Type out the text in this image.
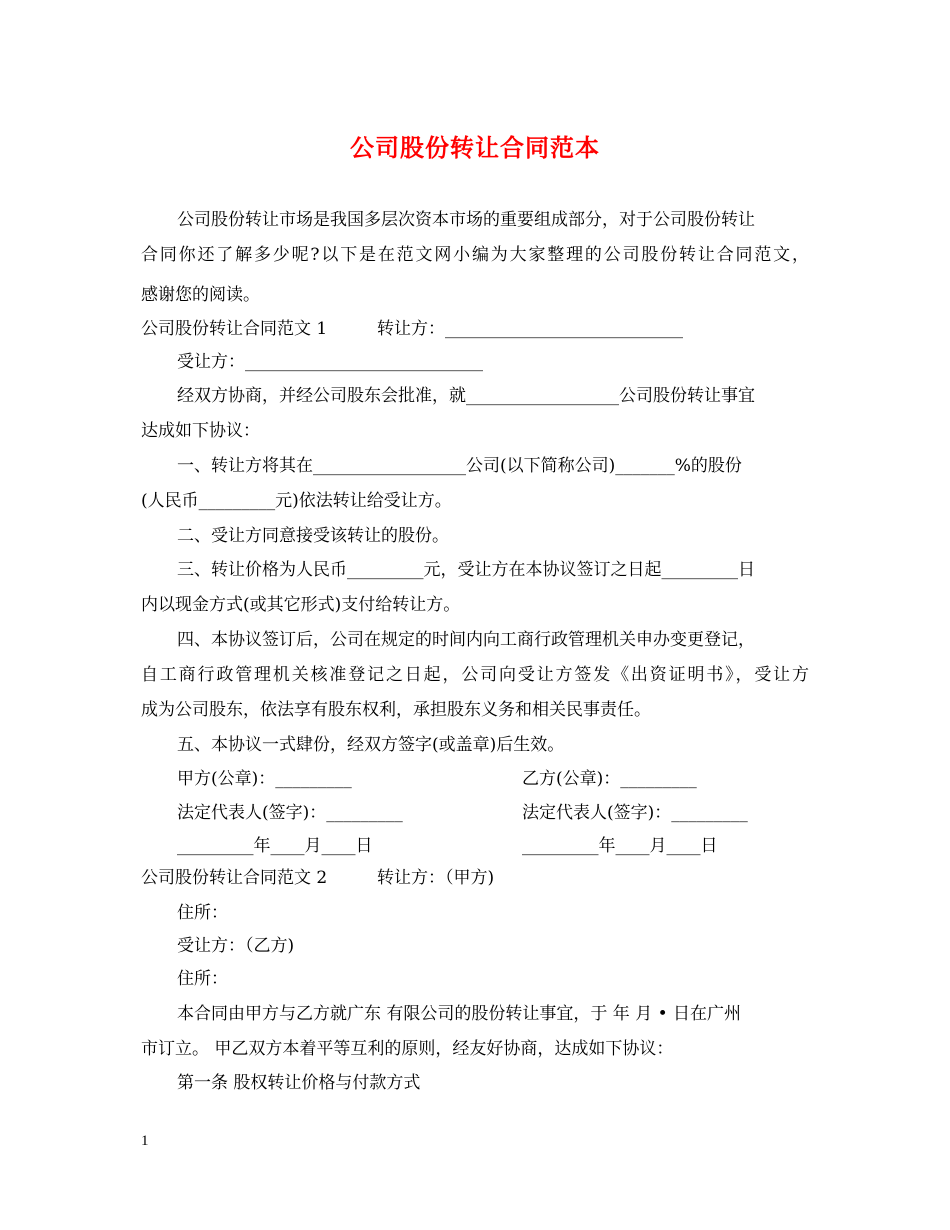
公司股份转让合同范本

公司股份转让市场是我国多层次资本市场的重要组成部分，对于公司股份转让

合同你还了解多少呢?以下是在范文网小编为大家整理的公司股份转让合同范文，

感谢您的阅读。

公司股份转让合同范文 1	转让方：____________________________

受让方：____________________________

经双方协商，并经公司股东会批准，就__________________公司股份转让事宜

达成如下协议：

一、转让方将其在__________________公司(以下简称公司)_______%的股份

(人民币_________元)依法转让给受让方。

二、受让方同意接受该转让的股份。

三、转让价格为人民币_________元，受让方在本协议签订之日起_________日

内以现金方式(或其它形式)支付给转让方。

四、本协议签订后，公司在规定的时间内向工商行政管理机关申办变更登记，

自工商行政管理机关核准登记之日起，公司向受让方签发《出资证明书》，受让方

成为公司股东，依法享有股东权利，承担股东义务和相关民事责任。

五、本协议一式肆份，经双方签字(或盖章)后生效。

甲方(公章)：_________	乙方(公章)：_________

法定代表人(签字)：_________	法定代表人(签字)：_________

_________年____月____日	_________年____月____日

公司股份转让合同范文 2	转让方：（甲方)

住所：

受让方：（乙方)

住所：

本合同由甲方与乙方就广东 有限公司的股份转让事宜，于 年 月 • 日在广州

市订立。 甲乙双方本着平等互利的原则，经友好协商，达成如下协议：

第一条 股权转让价格与付款方式

1
